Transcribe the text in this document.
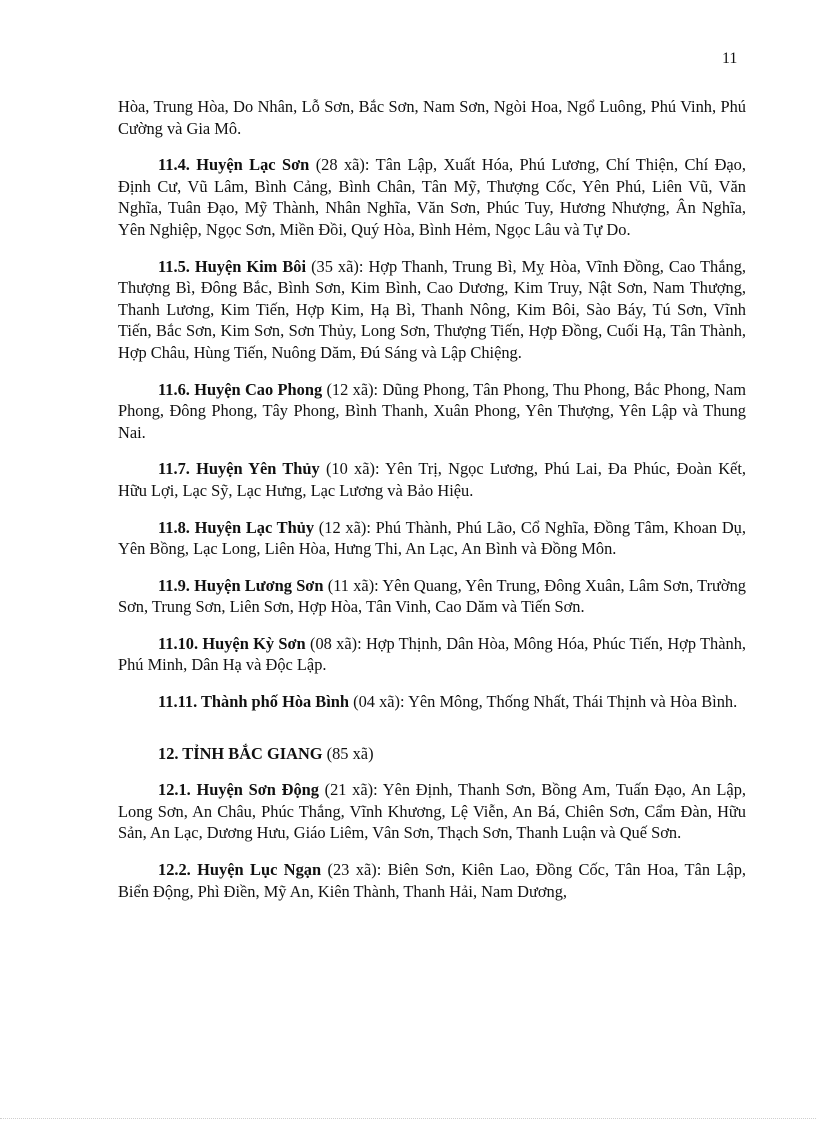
11

Hòa, Trung Hòa, Do Nhân, Lỗ Sơn, Bắc Sơn, Nam Sơn, Ngòi Hoa, Ngổ Luông, Phú Vinh, Phú Cường và Gia Mô.

11.4. Huyện Lạc Sơn (28 xã): Tân Lập, Xuất Hóa, Phú Lương, Chí Thiện, Chí Đạo, Định Cư, Vũ Lâm, Bình Cảng, Bình Chân, Tân Mỹ, Thượng Cốc, Yên Phú, Liên Vũ, Văn Nghĩa, Tuân Đạo, Mỹ Thành, Nhân Nghĩa, Văn Sơn, Phúc Tuy, Hương Nhượng, Ân Nghĩa, Yên Nghiệp, Ngọc Sơn, Miền Đồi, Quý Hòa, Bình Hẻm, Ngọc Lâu và Tự Do.

11.5. Huyện Kim Bôi (35 xã): Hợp Thanh, Trung Bì, Mỵ Hòa, Vĩnh Đồng, Cao Thắng, Thượng Bì, Đông Bắc, Bình Sơn, Kim Bình, Cao Dương, Kim Truy, Nật Sơn, Nam Thượng, Thanh Lương, Kim Tiến, Hợp Kim, Hạ Bì, Thanh Nông, Kim Bôi, Sào Báy, Tú Sơn, Vĩnh Tiến, Bắc Sơn, Kim Sơn, Sơn Thủy, Long Sơn, Thượng Tiến, Hợp Đồng, Cuối Hạ, Tân Thành, Hợp Châu, Hùng Tiến, Nuông Dăm, Đú Sáng và Lập Chiệng.

11.6. Huyện Cao Phong (12 xã): Dũng Phong, Tân Phong, Thu Phong, Bắc Phong, Nam Phong, Đông Phong, Tây Phong, Bình Thanh, Xuân Phong, Yên Thượng, Yên Lập và Thung Nai.

11.7. Huyện Yên Thủy (10 xã): Yên Trị, Ngọc Lương, Phú Lai, Đa Phúc, Đoàn Kết, Hữu Lợi, Lạc Sỹ, Lạc Hưng, Lạc Lương và Bảo Hiệu.

11.8. Huyện Lạc Thủy (12 xã): Phú Thành, Phú Lão, Cổ Nghĩa, Đồng Tâm, Khoan Dụ, Yên Bồng, Lạc Long, Liên Hòa, Hưng Thi, An Lạc, An Bình và Đồng Môn.

11.9. Huyện Lương Sơn (11 xã): Yên Quang, Yên Trung, Đông Xuân, Lâm Sơn, Trường Sơn, Trung Sơn, Liên Sơn, Hợp Hòa, Tân Vinh, Cao Dăm và Tiến Sơn.

11.10. Huyện Kỳ Sơn (08 xã): Hợp Thịnh, Dân Hòa, Mông Hóa, Phúc Tiến, Hợp Thành, Phú Minh, Dân Hạ và Độc Lập.

11.11. Thành phố Hòa Bình (04 xã): Yên Mông, Thống Nhất, Thái Thịnh và Hòa Bình.

12. TỈNH BẮC GIANG (85 xã)

12.1. Huyện Sơn Động (21 xã): Yên Định, Thanh Sơn, Bồng Am, Tuấn Đạo, An Lập, Long Sơn, An Châu, Phúc Thắng, Vĩnh Khương, Lệ Viễn, An Bá, Chiên Sơn, Cẩm Đàn, Hữu Sản, An Lạc, Dương Hưu, Giáo Liêm, Vân Sơn, Thạch Sơn, Thanh Luận và Quế Sơn.

12.2. Huyện Lục Ngạn (23 xã): Biên Sơn, Kiên Lao, Đồng Cốc, Tân Hoa, Tân Lập, Biển Động, Phì Điền, Mỹ An, Kiên Thành, Thanh Hải, Nam Dương,
